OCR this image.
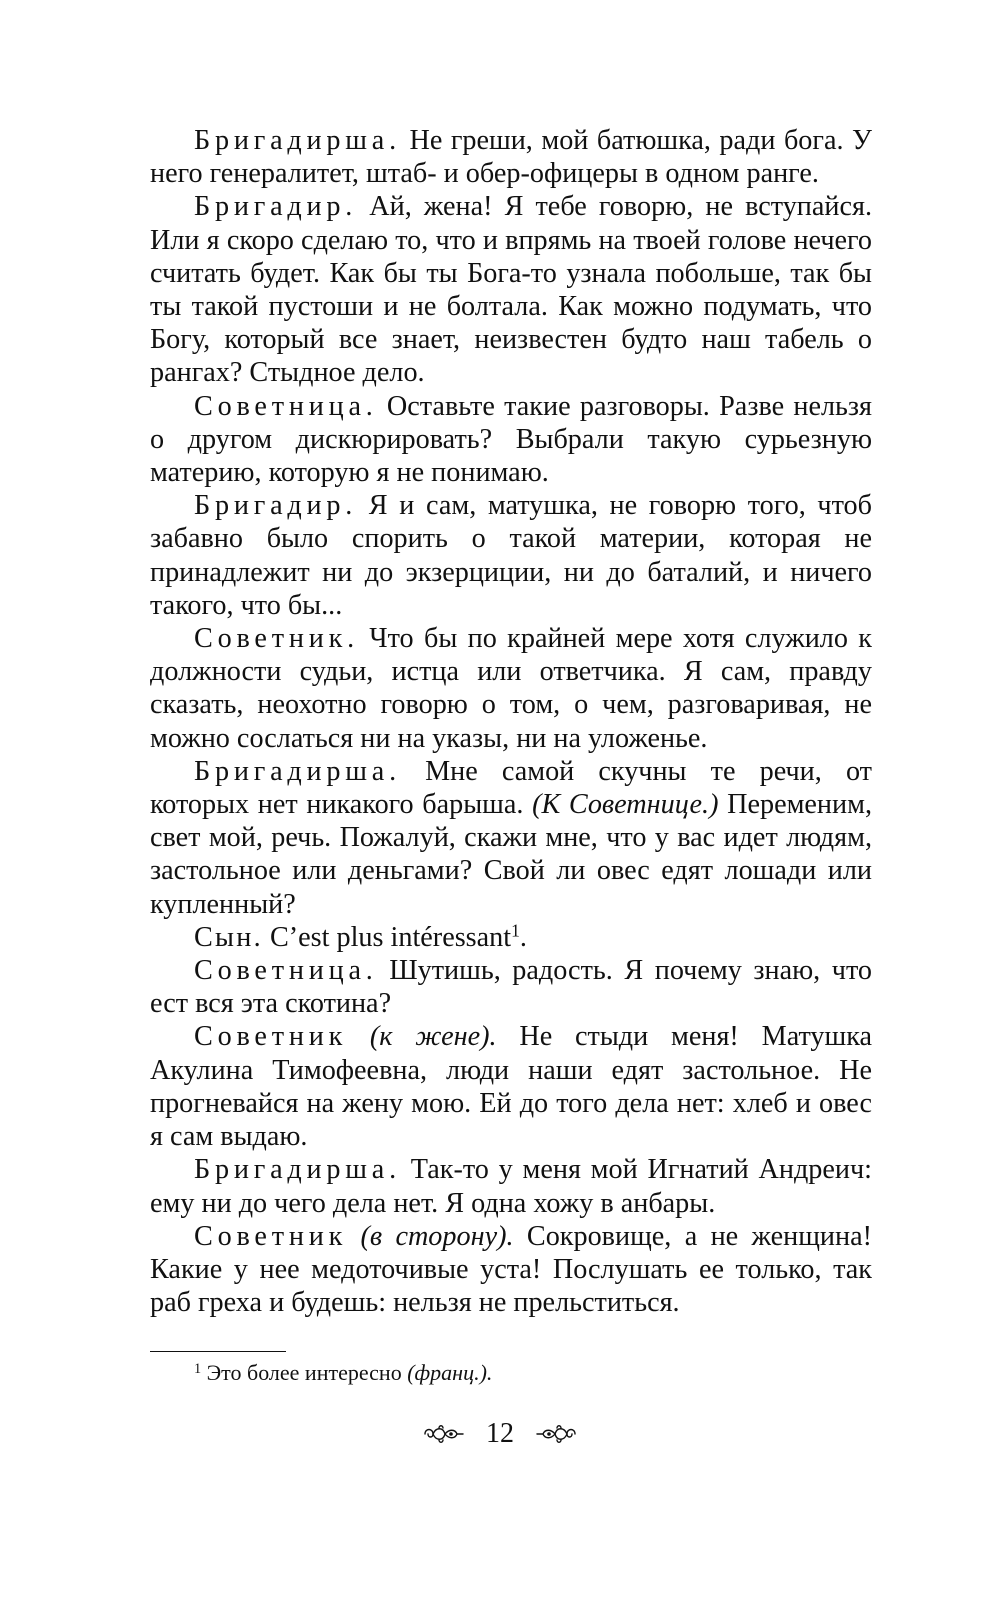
Бригадирша. Не греши, мой батюшка, ради бога. У него генералитет, штаб- и обер-офицеры в одном ранге.

Бригадир. Ай, жена! Я тебе говорю, не вступайся. Или я скоро сделаю то, что и впрямь на твоей голове нечего считать будет. Как бы ты Бога-то узнала побольше, так бы ты такой пустоши и не болтала. Как можно подумать, что Богу, который все знает, неизвестен будто наш табель о рангах? Стыдное дело.

Советница. Оставьте такие разговоры. Разве нельзя о другом дискюрировать? Выбрали такую сурьезную материю, которую я не понимаю.

Бригадир. Я и сам, матушка, не говорю того, чтоб забавно было спорить о такой материи, которая не принадлежит ни до экзерциции, ни до баталий, и ничего такого, что бы...

Советник. Что бы по крайней мере хотя служило к должности судьи, истца или ответчика. Я сам, правду сказать, неохотно говорю о том, о чем, разговаривая, не можно сослаться ни на указы, ни на уложенье.

Бригадирша. Мне самой скучны те речи, от которых нет никакого барыша. (К Советнице.) Переменим, свет мой, речь. Пожалуй, скажи мне, что у вас идет людям, застольное или деньгами? Свой ли овес едят лошади или купленный?

Сын. C’est plus intéressant$^1$.

Советница. Шутишь, радость. Я почему знаю, что ест вся эта скотина?

Советник (к жене). Не стыди меня! Матушка Акулина Тимофеевна, люди наши едят застольное. Не прогневайся на жену мою. Ей до того дела нет: хлеб и овес я сам выдаю.

Бригадирша. Так-то у меня мой Игнатий Андреич: ему ни до чего дела нет. Я одна хожу в анбары.

Советник (в сторону). Сокровище, а не женщина! Какие у нее медоточивые уста! Послушать ее только, так раб греха и будешь: нельзя не прельститься.

$^1$ Это более интересно (франц.).
12
